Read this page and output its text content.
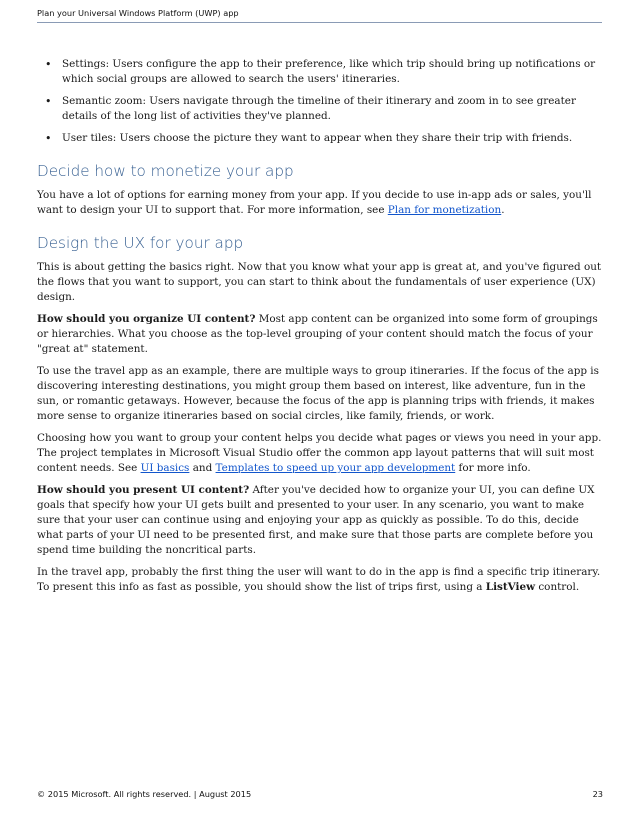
Plan your Universal Windows Platform (UWP) app
• Settings: Users configure the app to their preference, like which trip should bring up notifications or which social groups are allowed to search the users' itineraries.
• Semantic zoom: Users navigate through the timeline of their itinerary and zoom in to see greater details of the long list of activities they've planned.
• User tiles: Users choose the picture they want to appear when they share their trip with friends.
Decide how to monetize your app

You have a lot of options for earning money from your app. If you decide to use in-app ads or sales, you'll want to design your UI to support that. For more information, see Plan for monetization.

Design the UX for your app

This is about getting the basics right. Now that you know what your app is great at, and you've figured out the flows that you want to support, you can start to think about the fundamentals of user experience (UX) design.

How should you organize UI content? Most app content can be organized into some form of groupings or hierarchies. What you choose as the top-level grouping of your content should match the focus of your "great at" statement.

To use the travel app as an example, there are multiple ways to group itineraries. If the focus of the app is discovering interesting destinations, you might group them based on interest, like adventure, fun in the sun, or romantic getaways. However, because the focus of the app is planning trips with friends, it makes more sense to organize itineraries based on social circles, like family, friends, or work.

Choosing how you want to group your content helps you decide what pages or views you need in your app. The project templates in Microsoft Visual Studio offer the common app layout patterns that will suit most content needs. See UI basics and Templates to speed up your app development for more info.

How should you present UI content? After you've decided how to organize your UI, you can define UX goals that specify how your UI gets built and presented to your user. In any scenario, you want to make sure that your user can continue using and enjoying your app as quickly as possible. To do this, decide what parts of your UI need to be presented first, and make sure that those parts are complete before you spend time building the noncritical parts.

In the travel app, probably the first thing the user will want to do in the app is find a specific trip itinerary. To present this info as fast as possible, you should show the list of trips first, using a ListView control.

© 2015 Microsoft. All rights reserved. | August 2015	23
